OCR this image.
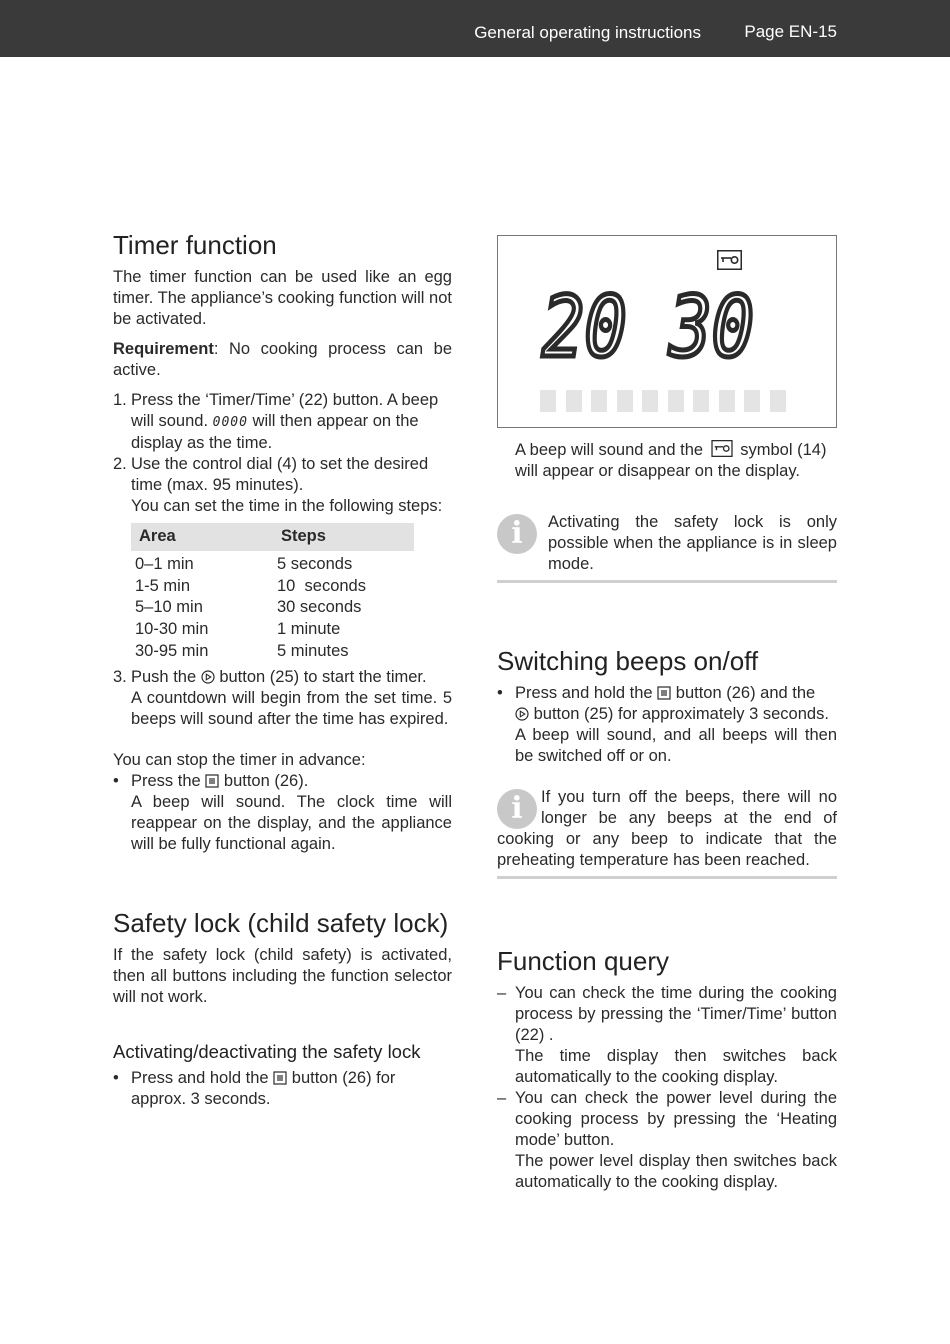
General operating instructions	Page EN-15
Timer function

The timer function can be used like an egg timer. The appliance’s cooking function will not be activated.

Requirement: No cooking process can be active.

1. Press the ‘Timer/Time’ (22) button. A beep will sound. 0000 will then appear on the display as the time.
2. Use the control dial (4) to set the desired time (max. 95 minutes).

You can set the time in the following steps:

Area	Steps

0–1 min	5 seconds
1-5 min	10  seconds
5–10 min	30 seconds
10-30 min	1 minute
30-95 min	5 minutes
3. Push the button (25) to start the timer.

A countdown will begin from the set time. 5 beeps will sound after the time has expired.

You can stop the timer in advance:

• Press the button (26).

A beep will sound. The clock time will reappear on the display, and the appliance will be fully functional again.

Safety lock (child safety lock)

If the safety lock (child safety) is activated, then all buttons including the function selector will not work.

Activating/deactivating the safety lock
• Press and hold the button (26) for approx. 3 seconds.
20 30

A beep will sound and the symbol (14) will appear or disappear on the display.

i	Activating the safety lock is only possible when the appliance is in sleep mode.

Switching beeps on/off
• Press and hold the button (26) and the
button (25) for approximately 3 seconds.

A beep will sound, and all beeps will then be switched off or on.

i	If you turn off the beeps, there will no longer be any beeps at the end of cooking or any beep to indicate that the preheating temperature has been reached.

Function query
– You can check the time during the cooking process by pressing the ‘Timer/Time’ button (22) .

The time display then switches back automatically to the cooking display.

– You can check the power level during the cooking process by pressing the ‘Heating mode’ button.

The power level display then switches back automatically to the cooking display.
